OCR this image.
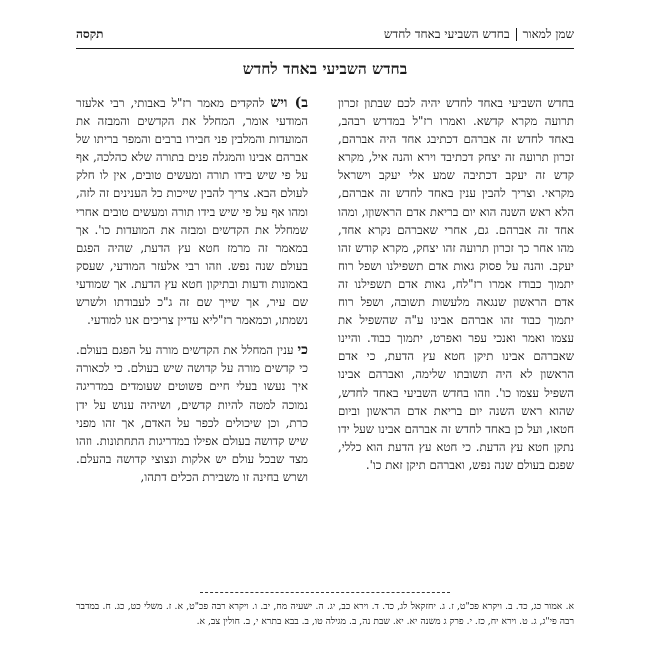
שמן למאורבחדש השביעי באחד לחדש
תקסה
בחדש השביעי באחד לחדש

בחדש השביעי באחד לחדש יהיה לכם שבתון זכרון תרועה מקרא קדשא. ואמרו רז"ל במדרש רבהב, באחד לחדש זה אברהם דכתיבג אחד היה אברהם, זכרון תרועה זה יצחק דכתיבד וירא והנה איל, מקרא קדש זה יעקב דכתיבה שמע אלי יעקב וישראל מקראי. וצריך להבין ענין באחד לחדש זה אברהם, הלא ראש השנה הוא יום בריאת אדם הראשוןו, ומהו אחד זה אברהם. גם, אחרי שאברהם נקרא אחד, מהו אחר כך זכרון תרועה זהו יצחק, מקרא קודש זהו יעקב. והנה על פסוק גאות אדם תשפילנו ושפל רוח יתמוך כבודז אמרו רז"לח, גאות אדם תשפילנו זה אדם הראשון שנגאה מלעשות תשובה, ושפל רוח יתמוך כבוד זהו אברהם אבינו ע"ה שהשפיל את עצמו ואמר ואנכי עפר ואפרט, יתמוך כבוד. והיינו שאברהם אבינו תיקן חטא עץ הדעת, כי אדם הראשון לא היה תשובתו שלימה, ואברהם אבינו השפיל עצמו כו'. וזהו בחדש השביעי באחד לחדש, שהוא ראש השנה יום בריאת אדם הראשון וביום חטאו, ועל כן באחד לחדש זה אברהם אבינו שעל ידו נתקן חטא עץ הדעת. כי חטא עץ הדעת הוא כללי, שפגם בעולם שנה נפש, ואברהם תיקן זאת כו'.

ב) ויש להקדים מאמר רז"ל באבותי, רבי אלעזר המודעי אומר, המחלל את הקדשים והמבזה את המועדות והמלבין פני חבירו ברבים והמפר בריתו של אברהם אבינו והמגלה פנים בתורה שלא כהלכה, אף על פי שיש בידו תורה ומעשים טובים, אין לו חלק לעולם הבא. צריך להבין שייכות כל הענינים זה לזה, ומהו אף על פי שיש בידו תורה ומעשים טובים אחרי שמחלל את הקדשים ומבזה את המועדות כו'. אך במאמר זה מרמז חטא עץ הדעת, שהיה הפגם בעולם שנה נפש. וזהו רבי אלעזר המודעי, שעסק באמונות ודעות ובתיקון חטא עץ הדעת. אך שמודעי שם עיר, אך שייך שם זה ג"כ לעבודתו ולשרש נשמתו, וכמאמר רז"ליא עדיין צריכים אנו למודעי.

כי ענין המחלל את הקדשים מורה על הפגם בעולם. כי קדשים מורה על קדושה שיש בעולם. כי לכאורה איך נעשו בעלי חיים פשוטים שעומדים במדריגה נמוכה למטה להיות קדשים, ושיהיה ענוש על ידן כרת, וכן שיכולים לכפר על האדם, אך זהו מפני שיש קדושה בעולם אפילו במדריגות התחתונות. וזהו מצד שבכל עולם יש אלקות ונצוצי קדושה בהעלם. ושרש בחינה זו משבירת הכלים דתהו,

א. אמור כג, כד. ב. ויקרא פכ"ט, ז. ג. יחזקאל לג, כד. ד. וירא כב, יג. ה. ישעיה מח, יב. ו. ויקרא רבה פכ"ט, א. ז. משלי כט, כג. ח. במדבר רבה פי"ג, ג. ט. וירא יח, כז. י. פרק ג משנה יא. יא. שבת נה, ב. מגילה טו, ב. בבא בתרא י, ב. חולין צב, א.
